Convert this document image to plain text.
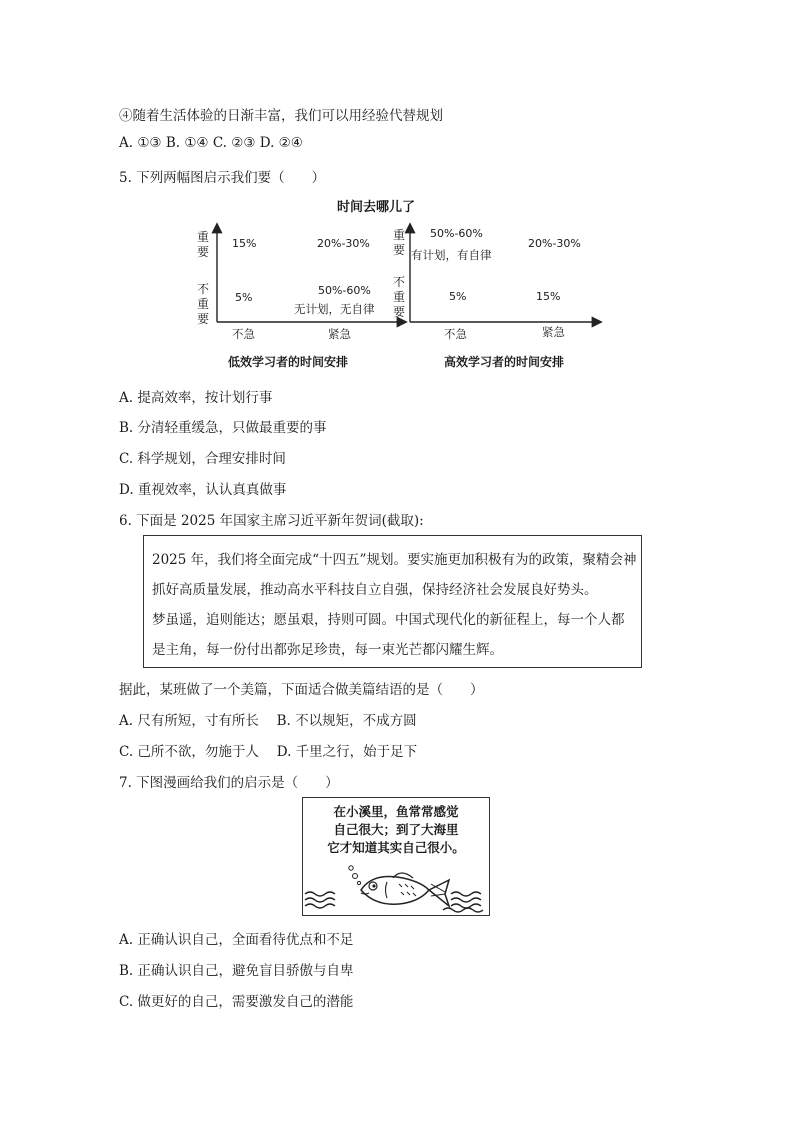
④随着生活体验的日渐丰富，我们可以用经验代替规划
A. ①③ B. ①④ C. ②③ D. ②④
5. 下列两幅图启示我们要（　　）
时间去哪儿了
重要
不重要
15%	20%-30%
5%
50%-60%
无计划，无自律
不急	紧急
低效学习者的时间安排
重要
不重要
50%-60%
有计划，有自律
20%-30%
5%	15%
不急	紧急
高效学习者的时间安排
A. 提高效率，按计划行事
B. 分清轻重缓急，只做最重要的事
C. 科学规划，合理安排时间
D. 重视效率，认认真真做事
6. 下面是 2025 年国家主席习近平新年贺词(截取):
2025 年，我们将全面完成“十四五”规划。要实施更加积极有为的政策，聚精会神
抓好高质量发展，推动高水平科技自立自强，保持经济社会发展良好势头。
梦虽遥，追则能达；愿虽艰，持则可圆。中国式现代化的新征程上，每一个人都
是主角，每一份付出都弥足珍贵，每一束光芒都闪耀生辉。
据此，某班做了一个美篇，下面适合做美篇结语的是（　　）
A. 尺有所短，寸有所长　 B. 不以规矩，不成方圆
C. 己所不欲，勿施于人　 D. 千里之行，始于足下
7. 下图漫画给我们的启示是（　　）
在小溪里，鱼常常感觉
自己很大；到了大海里
它才知道其实自己很小。
A. 正确认识自己，全面看待优点和不足
B. 正确认识自己，避免盲目骄傲与自卑
C. 做更好的自己，需要激发自己的潜能
